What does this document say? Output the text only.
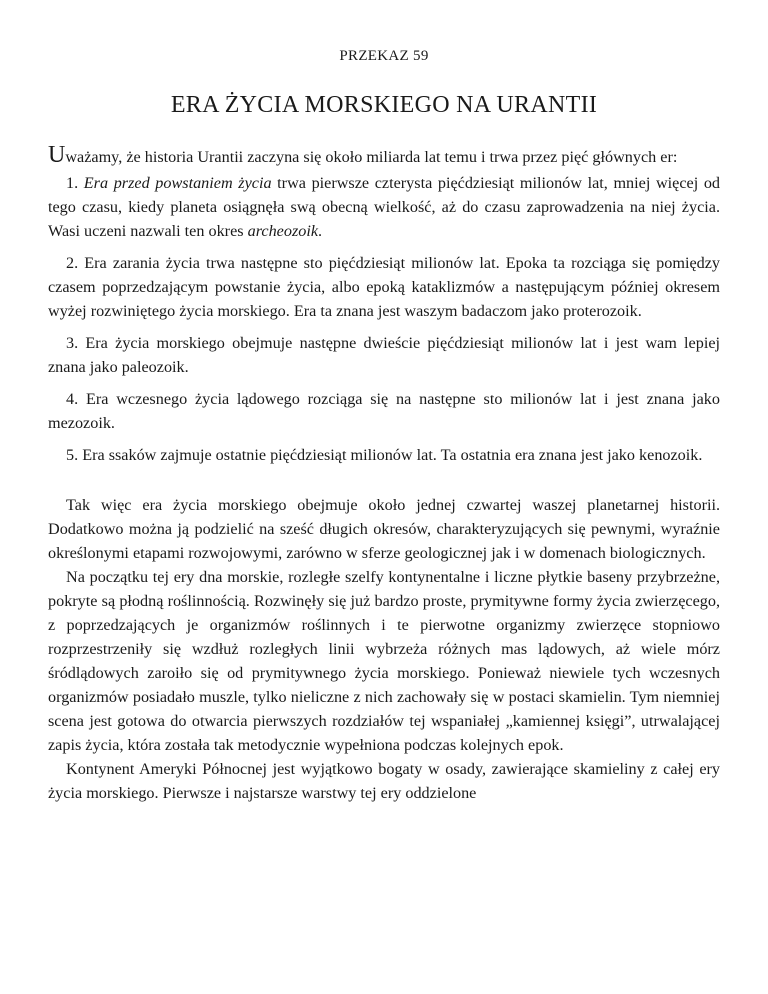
PRZEKAZ 59
ERA ŻYCIA MORSKIEGO NA URANTII
Uważamy, że historia Urantii zaczyna się około miliarda lat temu i trwa przez pięć głównych er:
1. Era przed powstaniem życia trwa pierwsze czterysta pięćdziesiąt milionów lat, mniej więcej od tego czasu, kiedy planeta osiągnęła swą obecną wielkość, aż do czasu zaprowadzenia na niej życia. Wasi uczeni nazwali ten okres archeozoik.
2. Era zarania życia trwa następne sto pięćdziesiąt milionów lat. Epoka ta rozciąga się pomiędzy czasem poprzedzającym powstanie życia, albo epoką kataklizmów a następującym później okresem wyżej rozwiniętego życia morskiego. Era ta znana jest waszym badaczom jako proterozoik.
3. Era życia morskiego obejmuje następne dwieście pięćdziesiąt milionów lat i jest wam lepiej znana jako paleozoik.
4. Era wczesnego życia lądowego rozciąga się na następne sto milionów lat i jest znana jako mezozoik.
5. Era ssaków zajmuje ostatnie pięćdziesiąt milionów lat. Ta ostatnia era znana jest jako kenozoik.

Tak więc era życia morskiego obejmuje około jednej czwartej waszej planetarnej historii. Dodatkowo można ją podzielić na sześć długich okresów, charakteryzujących się pewnymi, wyraźnie określonymi etapami rozwojowymi, zarówno w sferze geologicznej jak i w domenach biologicznych.

Na początku tej ery dna morskie, rozległe szelfy kontynentalne i liczne płytkie baseny przybrzeżne, pokryte są płodną roślinnością. Rozwinęły się już bardzo proste, prymitywne formy życia zwierzęcego, z poprzedzających je organizmów roślinnych i te pierwotne organizmy zwierzęce stopniowo rozprzestrzeniły się wzdłuż rozległych linii wybrzeża różnych mas lądowych, aż wiele mórz śródlądowych zaroiło się od prymitywnego życia morskiego. Ponieważ niewiele tych wczesnych organizmów posiadało muszle, tylko nieliczne z nich zachowały się w postaci skamielin. Tym niemniej scena jest gotowa do otwarcia pierwszych rozdziałów tej wspaniałej „kamiennej księgi”, utrwalającej zapis życia, która została tak metodycznie wypełniona podczas kolejnych epok.

Kontynent Ameryki Północnej jest wyjątkowo bogaty w osady, zawierające skamieliny z całej ery życia morskiego. Pierwsze i najstarsze warstwy tej ery oddzielone
